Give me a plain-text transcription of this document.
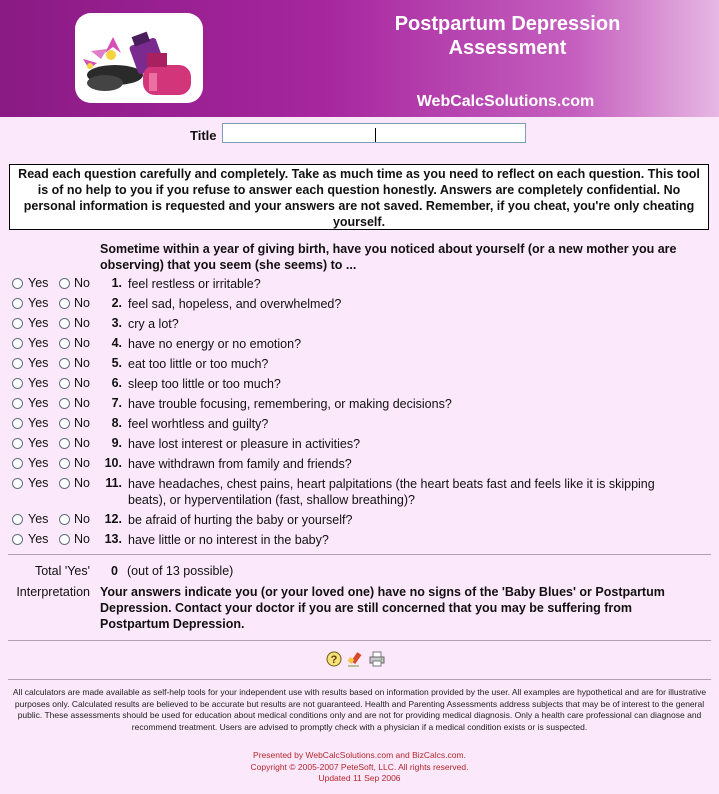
Postpartum Depression
Assessment
WebCalcSolutions.com
Title
Read each question carefully and completely. Take as much time as you need to reflect on each question. This tool is of no help to you if you refuse to answer each question honestly. Answers are completely confidential. No personal information is requested and your answers are not saved. Remember, if you cheat, you're only cheating yourself.
Sometime within a year of giving birth, have you noticed about yourself (or a new mother you are observing) that you seem (she seems) to ...
Yes No	1. feel restless or irritable?
Yes No	2. feel sad, hopeless, and overwhelmed?
Yes No	3. cry a lot?
Yes No	4. have no energy or no emotion?
Yes No	5. eat too little or too much?
Yes No	6. sleep too little or too much?
Yes No	7. have trouble focusing, remembering, or making decisions?
Yes No	8. feel worhtless and guilty?
Yes No	9. have lost interest or pleasure in activities?
Yes No	10. have withdrawn from family and friends?
Yes No	11. have headaches, chest pains, heart palpitations (the heart beats fast and feels like it is skipping beats), or hyperventilation (fast, shallow breathing)?
Yes No	12. be afraid of hurting the baby or yourself?
Yes No	13. have little or no interest in the baby?
Total 'Yes' 0 (out of 13 possible)
Interpretation Your answers indicate you (or your loved one) have no signs of the 'Baby Blues' or Postpartum Depression. Contact your doctor if you are still concerned that you may be suffering from Postpartum Depression.
?
All calculators are made available as self-help tools for your independent use with results based on information provided by the user. All examples are hypothetical and are for illustrative purposes only. Calculated results are believed to be accurate but results are not guaranteed. Health and Parenting Assessments address subjects that may be of interest to the general public. These assessments should be used for education about medical conditions only and are not for providing medical diagnosis. Only a health care professional can diagnose and recommend treatment. Users are advised to promptly check with a physician if a medical condition exists or is suspected.
Presented by WebCalcSolutions.com and BizCalcs.com.
Copyright © 2005-2007 PeteSoft, LLC. All rights reserved.
Updated 11 Sep 2006
